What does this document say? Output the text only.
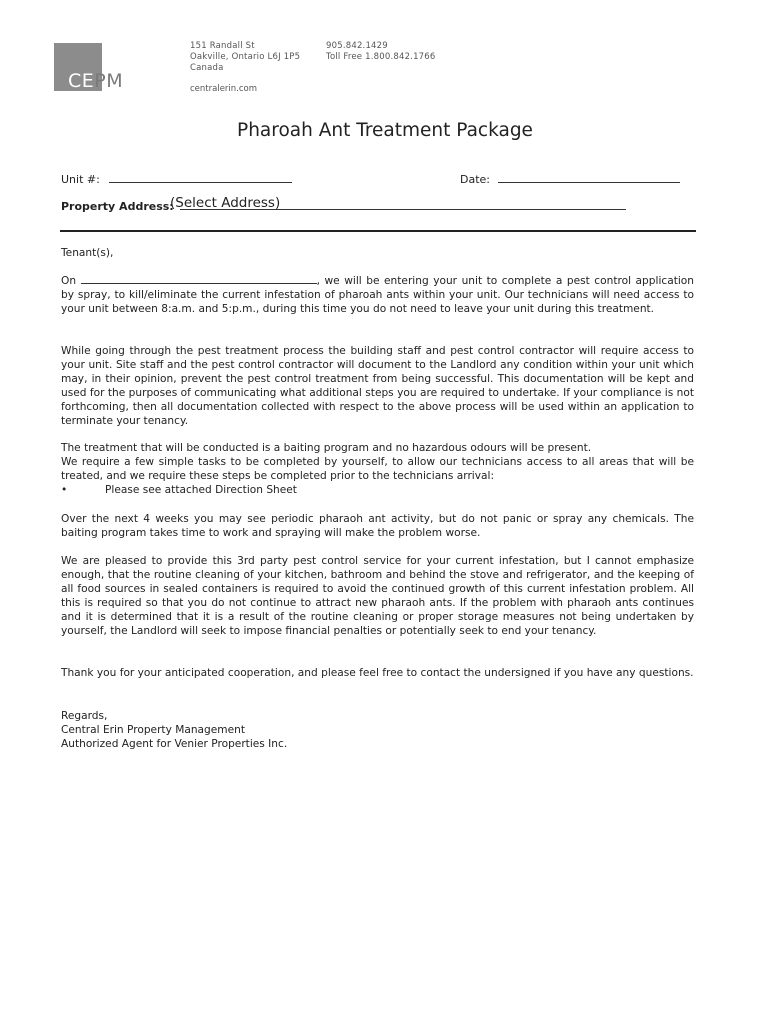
CEPM
151 Randall St
Oakville, Ontario L6J 1P5
Canada
905.842.1429
Toll Free 1.800.842.1766
centralerin.com
Pharoah Ant Treatment Package
Unit #:	Date:
Property Address:
(Select Address)
Tenant(s),

On	, we will be entering your unit to complete a pest control application by spray, to kill/eliminate the current infestation of pharoah ants within your unit. Our technicians will need access to your unit between 8:a.m. and 5:p.m., during this time you do not need to leave your unit during this treatment.

While going through the pest treatment process the building staff and pest control contractor will require access to your unit. Site staff and the pest control contractor will document to the Landlord any condition within your unit which may, in their opinion, prevent the pest control treatment from being successful. This documentation will be kept and used for the purposes of communicating what additional steps you are required to undertake. If your compliance is not forthcoming, then all documentation collected with respect to the above process will be used within an application to terminate your tenancy.

The treatment that will be conducted is a baiting program and no hazardous odours will be present.

We require a few simple tasks to be completed by yourself, to allow our technicians access to all areas that will be treated, and we require these steps be completed prior to the technicians arrival:

•	Please see attached Direction Sheet

Over the next 4 weeks you may see periodic pharaoh ant activity, but do not panic or spray any chemicals. The baiting program takes time to work and spraying will make the problem worse.

We are pleased to provide this 3rd party pest control service for your current infestation, but I cannot emphasize enough, that the routine cleaning of your kitchen, bathroom and behind the stove and refrigerator, and the keeping of all food sources in sealed containers is required to avoid the continued growth of this current infestation problem. All this is required so that you do not continue to attract new pharaoh ants. If the problem with pharaoh ants continues and it is determined that it is a result of the routine cleaning or proper storage measures not being undertaken by yourself, the Landlord will seek to impose financial penalties or potentially seek to end your tenancy.

Thank you for your anticipated cooperation, and please feel free to contact the undersigned if you have any questions.

Regards,

Central Erin Property Management

Authorized Agent for Venier Properties Inc.
